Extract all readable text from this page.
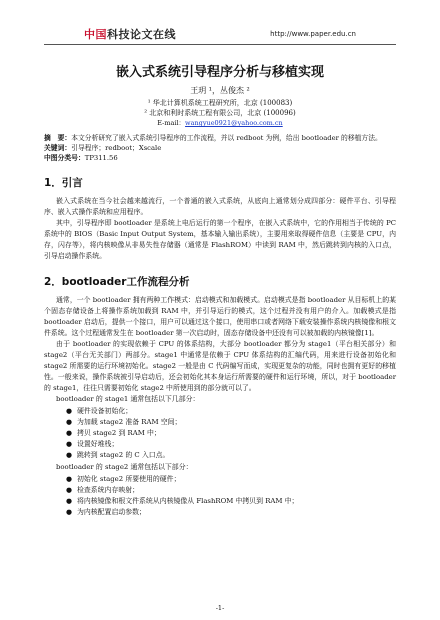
中国科技论文在线	http://www.paper.edu.cn
嵌入式系统引导程序分析与移植实现
王玥 ¹，丛俊杰 ²

¹ 华北计算机系统工程研究所，北京 (100083)

² 北京和利时系统工程有限公司，北京 (100096)

E-mail：wangyue0921@yahoo.com.cn

摘　要：本文分析研究了嵌入式系统引导程序的工作流程，并以 redboot 为例，给出 bootloader 的移植方法。

关键词：引导程序；redboot；Xscale

中图分类号：TP311.56

1．引言

嵌入式系统在当今社会越来越流行，一个普通的嵌入式系统，从底向上通常划分成四部分：硬件平台、引导程序、嵌入式操作系统和应用程序。

其中，引导程序即 bootloader 是系统上电后运行的第一个程序，在嵌入式系统中，它的作用相当于传统的 PC 系统中的 BIOS（Basic Input Output System，基本输入输出系统），主要用来取得硬件信息（主要是 CPU，内存，闪存等），将内核映像从非易失性存储器（通常是 FlashROM）中读到 RAM 中，然后跳转到内核的入口点，引导启动操作系统。

2．bootloader工作流程分析

通常，一个 bootloader 拥有两种工作模式：启动模式和加载模式。启动模式是指 bootloader 从目标机上的某个固态存储设备上将操作系统加载到 RAM 中，并引导运行的模式，这个过程并没有用户的介入。加载模式是指 bootloader 启动后，提供一个接口，用户可以通过这个接口，使用串口或者网络下载安装操作系统内核镜像和根文件系统。这个过程通常发生在 bootloader 第一次启动时，固态存储设备中还没有可以被加载的内核镜像[1]。

由于 bootloader 的实现依赖于 CPU 的体系结构，大部分 bootloader 都分为 stage1（平台相关部分）和 stage2（平台无关部门）两部分。stage1 中通常是依赖于 CPU 体系结构的汇编代码，用来进行设备初始化和 stage2 所需要的运行环境初始化。stage2 一般是由 C 代码编写而成，实现更复杂的功能，同时也拥有更好的移植性。一般来说，操作系统被引导启动后，还会初始化其本身运行所需要的硬件和运行环境，所以，对于 bootloader 的 stage1，往往只需要初始化 stage2 中所使用到的部分就可以了。

bootloader 的 stage1 通常包括以下几部分：

● 硬件设备初始化；
● 为加载 stage2 准备 RAM 空间；
● 拷贝 stage2 到 RAM 中；
● 设置好堆栈；
● 跳转到 stage2 的 C 入口点。

bootloader 的 stage2 通常包括以下部分：

● 初始化 stage2 所要使用的硬件；
● 检查系统内存映射；
● 将内核镜像和根文件系统从内核镜像从 FlashROM 中拷贝到 RAM 中；
● 为内核配置启动参数；
-1-
